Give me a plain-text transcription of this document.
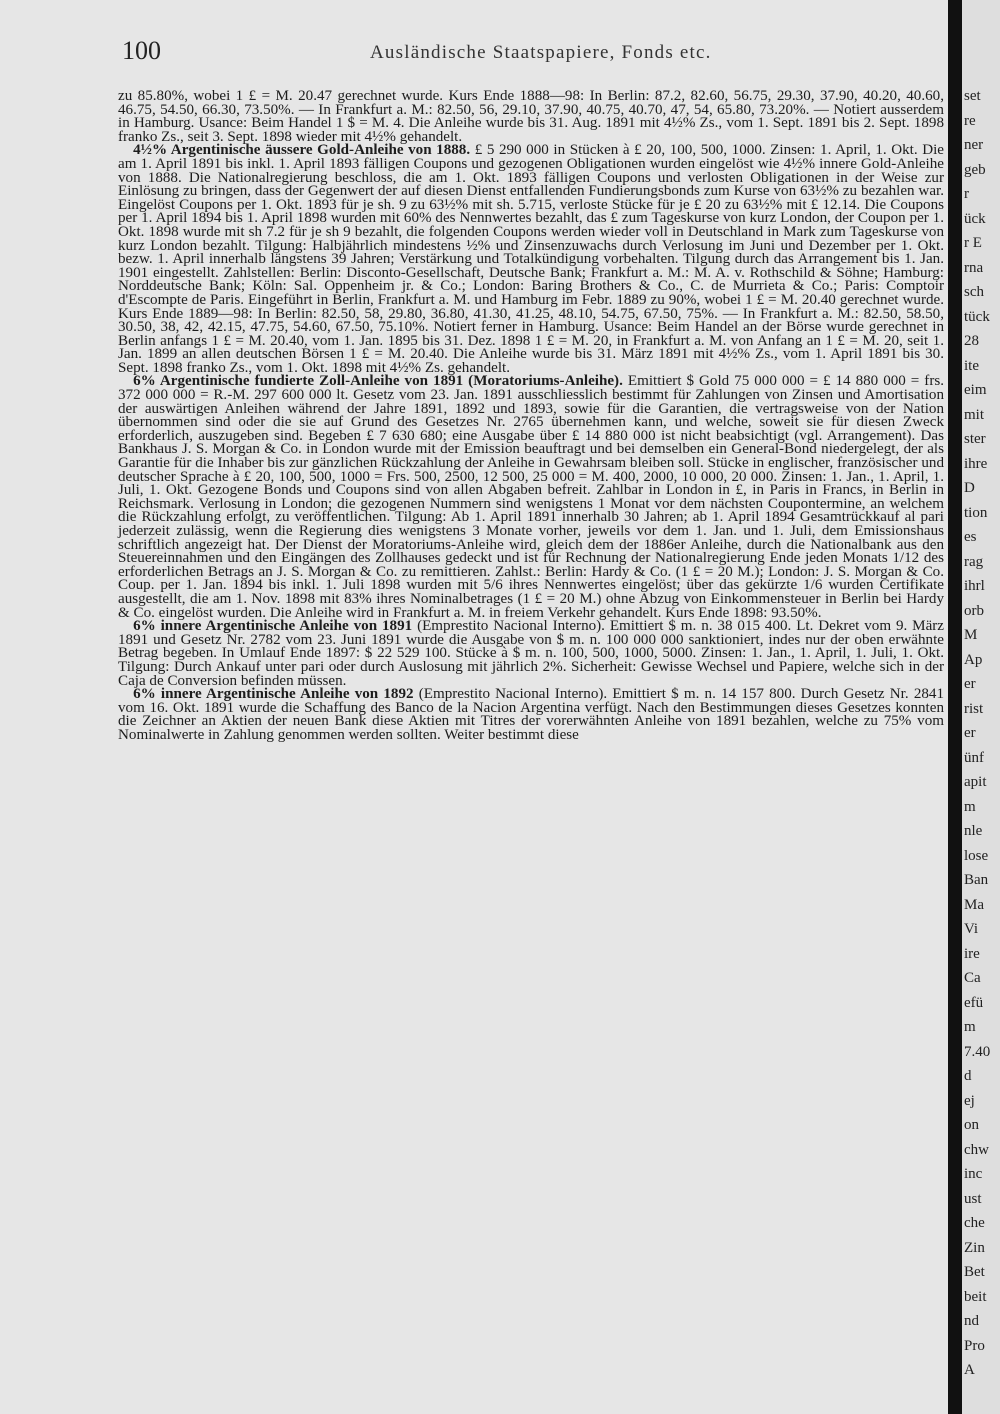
100	Ausländische Staatspapiere, Fonds etc.

zu 85.80%, wobei 1 £ = M. 20.47 gerechnet wurde. Kurs Ende 1888—98: In Berlin: 87.2, 82.60, 56.75, 29.30, 37.90, 40.20, 40.60, 46.75, 54.50, 66.30, 73.50%. — In Frankfurt a. M.: 82.50, 56, 29.10, 37.90, 40.75, 40.70, 47, 54, 65.80, 73.20%. — Notiert ausserdem in Hamburg. Usance: Beim Handel 1 $ = M. 4. Die Anleihe wurde bis 31. Aug. 1891 mit 4½% Zs., vom 1. Sept. 1891 bis 2. Sept. 1898 franko Zs., seit 3. Sept. 1898 wieder mit 4½% gehandelt.

 4½% Argentinische äussere Gold-Anleihe von 1888. £ 5 290 000 in Stücken à £ 20, 100, 500, 1000. Zinsen: 1. April, 1. Okt. Die am 1. April 1891 bis inkl. 1. April 1893 fälligen Coupons und gezogenen Obligationen wurden eingelöst wie 4½% innere Gold-Anleihe von 1888. Die Nationalregierung beschloss, die am 1. Okt. 1893 fälligen Coupons und verlosten Obligationen in der Weise zur Einlösung zu bringen, dass der Gegenwert der auf diesen Dienst entfallenden Fundierungsbonds zum Kurse von 63½% zu bezahlen war. Eingelöst Coupons per 1. Okt. 1893 für je sh. 9 zu 63½% mit sh. 5.715, verloste Stücke für je £ 20 zu 63½% mit £ 12.14. Die Coupons per 1. April 1894 bis 1. April 1898 wurden mit 60% des Nennwertes bezahlt, das £ zum Tageskurse von kurz London, der Coupon per 1. Okt. 1898 wurde mit sh 7.2 für je sh 9 bezahlt, die folgenden Coupons werden wieder voll in Deutschland in Mark zum Tageskurse von kurz London bezahlt. Tilgung: Halbjährlich mindestens ½% und Zinsenzuwachs durch Verlosung im Juni und Dezember per 1. Okt. bezw. 1. April innerhalb längstens 39 Jahren; Verstärkung und Totalkündigung vorbehalten. Tilgung durch das Arrangement bis 1. Jan. 1901 eingestellt. Zahlstellen: Berlin: Disconto-Gesellschaft, Deutsche Bank; Frankfurt a. M.: M. A. v. Rothschild & Söhne; Hamburg: Norddeutsche Bank; Köln: Sal. Oppenheim jr. & Co.; London: Baring Brothers & Co., C. de Murrieta & Co.; Paris: Comptoir d'Escompte de Paris. Eingeführt in Berlin, Frankfurt a. M. und Hamburg im Febr. 1889 zu 90%, wobei 1 £ = M. 20.40 gerechnet wurde. Kurs Ende 1889—98: In Berlin: 82.50, 58, 29.80, 36.80, 41.30, 41.25, 48.10, 54.75, 67.50, 75%. — In Frankfurt a. M.: 82.50, 58.50, 30.50, 38, 42, 42.15, 47.75, 54.60, 67.50, 75.10%. Notiert ferner in Hamburg. Usance: Beim Handel an der Börse wurde gerechnet in Berlin anfangs 1 £ = M. 20.40, vom 1. Jan. 1895 bis 31. Dez. 1898 1 £ = M. 20, in Frankfurt a. M. von Anfang an 1 £ = M. 20, seit 1. Jan. 1899 an allen deutschen Börsen 1 £ = M. 20.40. Die Anleihe wurde bis 31. März 1891 mit 4½% Zs., vom 1. April 1891 bis 30. Sept. 1898 franko Zs., vom 1. Okt. 1898 mit 4½% Zs. gehandelt.

 6% Argentinische fundierte Zoll-Anleihe von 1891 (Moratoriums-Anleihe). Emittiert $ Gold 75 000 000 = £ 14 880 000 = frs. 372 000 000 = R.-M. 297 600 000 lt. Gesetz vom 23. Jan. 1891 ausschliesslich bestimmt für Zahlungen von Zinsen und Amortisation der auswärtigen Anleihen während der Jahre 1891, 1892 und 1893, sowie für die Garantien, die vertragsweise von der Nation übernommen sind oder die sie auf Grund des Gesetzes Nr. 2765 übernehmen kann, und welche, soweit sie für diesen Zweck erforderlich, auszugeben sind. Begeben £ 7 630 680; eine Ausgabe über £ 14 880 000 ist nicht beabsichtigt (vgl. Arrangement). Das Bankhaus J. S. Morgan & Co. in London wurde mit der Emission beauftragt und bei demselben ein General-Bond niedergelegt, der als Garantie für die Inhaber bis zur gänzlichen Rückzahlung der Anleihe in Gewahrsam bleiben soll. Stücke in englischer, französischer und deutscher Sprache à £ 20, 100, 500, 1000 = Frs. 500, 2500, 12 500, 25 000 = M. 400, 2000, 10 000, 20 000. Zinsen: 1. Jan., 1. April, 1. Juli, 1. Okt. Gezogene Bonds und Coupons sind von allen Abgaben befreit. Zahlbar in London in £, in Paris in Francs, in Berlin in Reichsmark. Verlosung in London; die gezogenen Nummern sind wenigstens 1 Monat vor dem nächsten Coupontermine, an welchem die Rückzahlung erfolgt, zu veröffentlichen. Tilgung: Ab 1. April 1891 innerhalb 30 Jahren; ab 1. April 1894 Gesamtrückkauf al pari jederzeit zulässig, wenn die Regierung dies wenigstens 3 Monate vorher, jeweils vor dem 1. Jan. und 1. Juli, dem Emissionshaus schriftlich angezeigt hat. Der Dienst der Moratoriums-Anleihe wird, gleich dem der 1886er Anleihe, durch die Nationalbank aus den Steuereinnahmen und den Eingängen des Zollhauses gedeckt und ist für Rechnung der Nationalregierung Ende jeden Monats 1/12 des erforderlichen Betrags an J. S. Morgan & Co. zu remittieren. Zahlst.: Berlin: Hardy & Co. (1 £ = 20 M.); London: J. S. Morgan & Co. Coup. per 1. Jan. 1894 bis inkl. 1. Juli 1898 wurden mit 5/6 ihres Nennwertes eingelöst; über das gekürzte 1/6 wurden Certifikate ausgestellt, die am 1. Nov. 1898 mit 83% ihres Nominalbetrages (1 £ = 20 M.) ohne Abzug von Einkommensteuer in Berlin bei Hardy & Co. eingelöst wurden. Die Anleihe wird in Frankfurt a. M. in freiem Verkehr gehandelt. Kurs Ende 1898: 93.50%.

 6% innere Argentinische Anleihe von 1891 (Emprestito Nacional Interno). Emittiert $ m. n. 38 015 400. Lt. Dekret vom 9. März 1891 und Gesetz Nr. 2782 vom 23. Juni 1891 wurde die Ausgabe von $ m. n. 100 000 000 sanktioniert, indes nur der oben erwähnte Betrag begeben. In Umlauf Ende 1897: $ 22 529 100. Stücke à $ m. n. 100, 500, 1000, 5000. Zinsen: 1. Jan., 1. April, 1. Juli, 1. Okt. Tilgung: Durch Ankauf unter pari oder durch Auslosung mit jährlich 2%. Sicherheit: Gewisse Wechsel und Papiere, welche sich in der Caja de Conversion befinden müssen.

 6% innere Argentinische Anleihe von 1892 (Emprestito Nacional Interno). Emittiert $ m. n. 14 157 800. Durch Gesetz Nr. 2841 vom 16. Okt. 1891 wurde die Schaffung des Banco de la Nacion Argentina verfügt. Nach den Bestimmungen dieses Gesetzes konnten die Zeichner an Aktien der neuen Bank diese Aktien mit Titres der vorerwähnten Anleihe von 1891 bezahlen, welche zu 75% vom Nominalwerte in Zahlung genommen werden sollten. Weiter bestimmt diese

set
re
ner
geb
r
ück
r E
rna
sch
tück
28
ite
eim
mit
ster
ihre
D
tion
es
rag
ihrl
orb
M
Ap
er
rist
er
ünf
apit
m
nle
lose
Ban
Ma
Vi
ire
Ca
efü
m
7.40
d
ej
on
chw
inc
ust
che
Zin
Bet
beit
nd
Pro
A
